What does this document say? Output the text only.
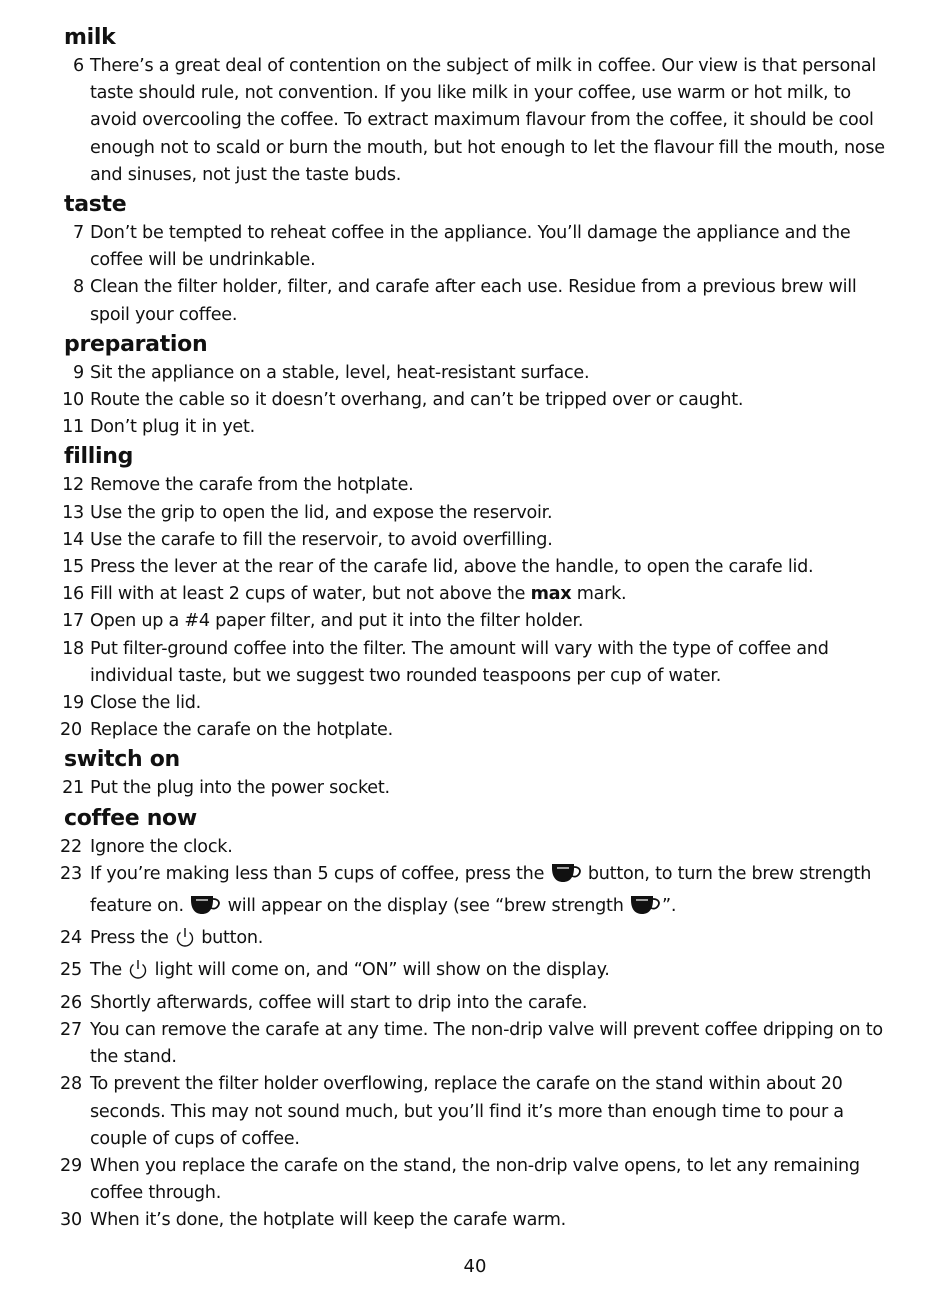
milk
6 There’s a great deal of contention on the subject of milk in coffee. Our view is that personal taste should rule, not convention. If you like milk in your coffee, use warm or hot milk, to avoid overcooling the coffee. To extract maximum flavour from the coffee, it should be cool enough not to scald or burn the mouth, but hot enough to let the flavour fill the mouth, nose and sinuses, not just the taste buds.
taste
7 Don’t be tempted to reheat coffee in the appliance. You’ll damage the appliance and the coffee will be undrinkable.
8 Clean the filter holder, filter, and carafe after each use. Residue from a previous brew will spoil your coffee.
preparation
9 Sit the appliance on a stable, level, heat-resistant surface.
10 Route the cable so it doesn’t overhang, and can’t be tripped over or caught.
11 Don’t plug it in yet.
filling
12 Remove the carafe from the hotplate.
13 Use the grip to open the lid, and expose the reservoir.
14 Use the carafe to fill the reservoir, to avoid overfilling.
15 Press the lever at the rear of the carafe lid, above the handle, to open the carafe lid.
16 Fill with at least 2 cups of water, but not above the max mark.
17 Open up a #4 paper filter, and put it into the filter holder.
18 Put filter-ground coffee into the filter. The amount will vary with the type of coffee and individual taste, but we suggest two rounded teaspoons per cup of water.
19 Close the lid.
20 Replace the carafe on the hotplate.
switch on
21 Put the plug into the power socket.
coffee now
22 Ignore the clock.
23 If you’re making less than 5 cups of coffee, press the  button, to turn the brew strength feature on.  will appear on the display (see “brew strength ”.
24 Press the  button.
25 The  light will come on, and “ON” will show on the display.
26 Shortly afterwards, coffee will start to drip into the carafe.
27 You can remove the carafe at any time. The non-drip valve will prevent coffee dripping on to the stand.
28 To prevent the filter holder overflowing, replace the carafe on the stand within about 20 seconds. This may not sound much, but you’ll find it’s more than enough time to pour a couple of cups of coffee.
29 When you replace the carafe on the stand, the non-drip valve opens, to let any remaining coffee through.
30 When it’s done, the hotplate will keep the carafe warm.
40
